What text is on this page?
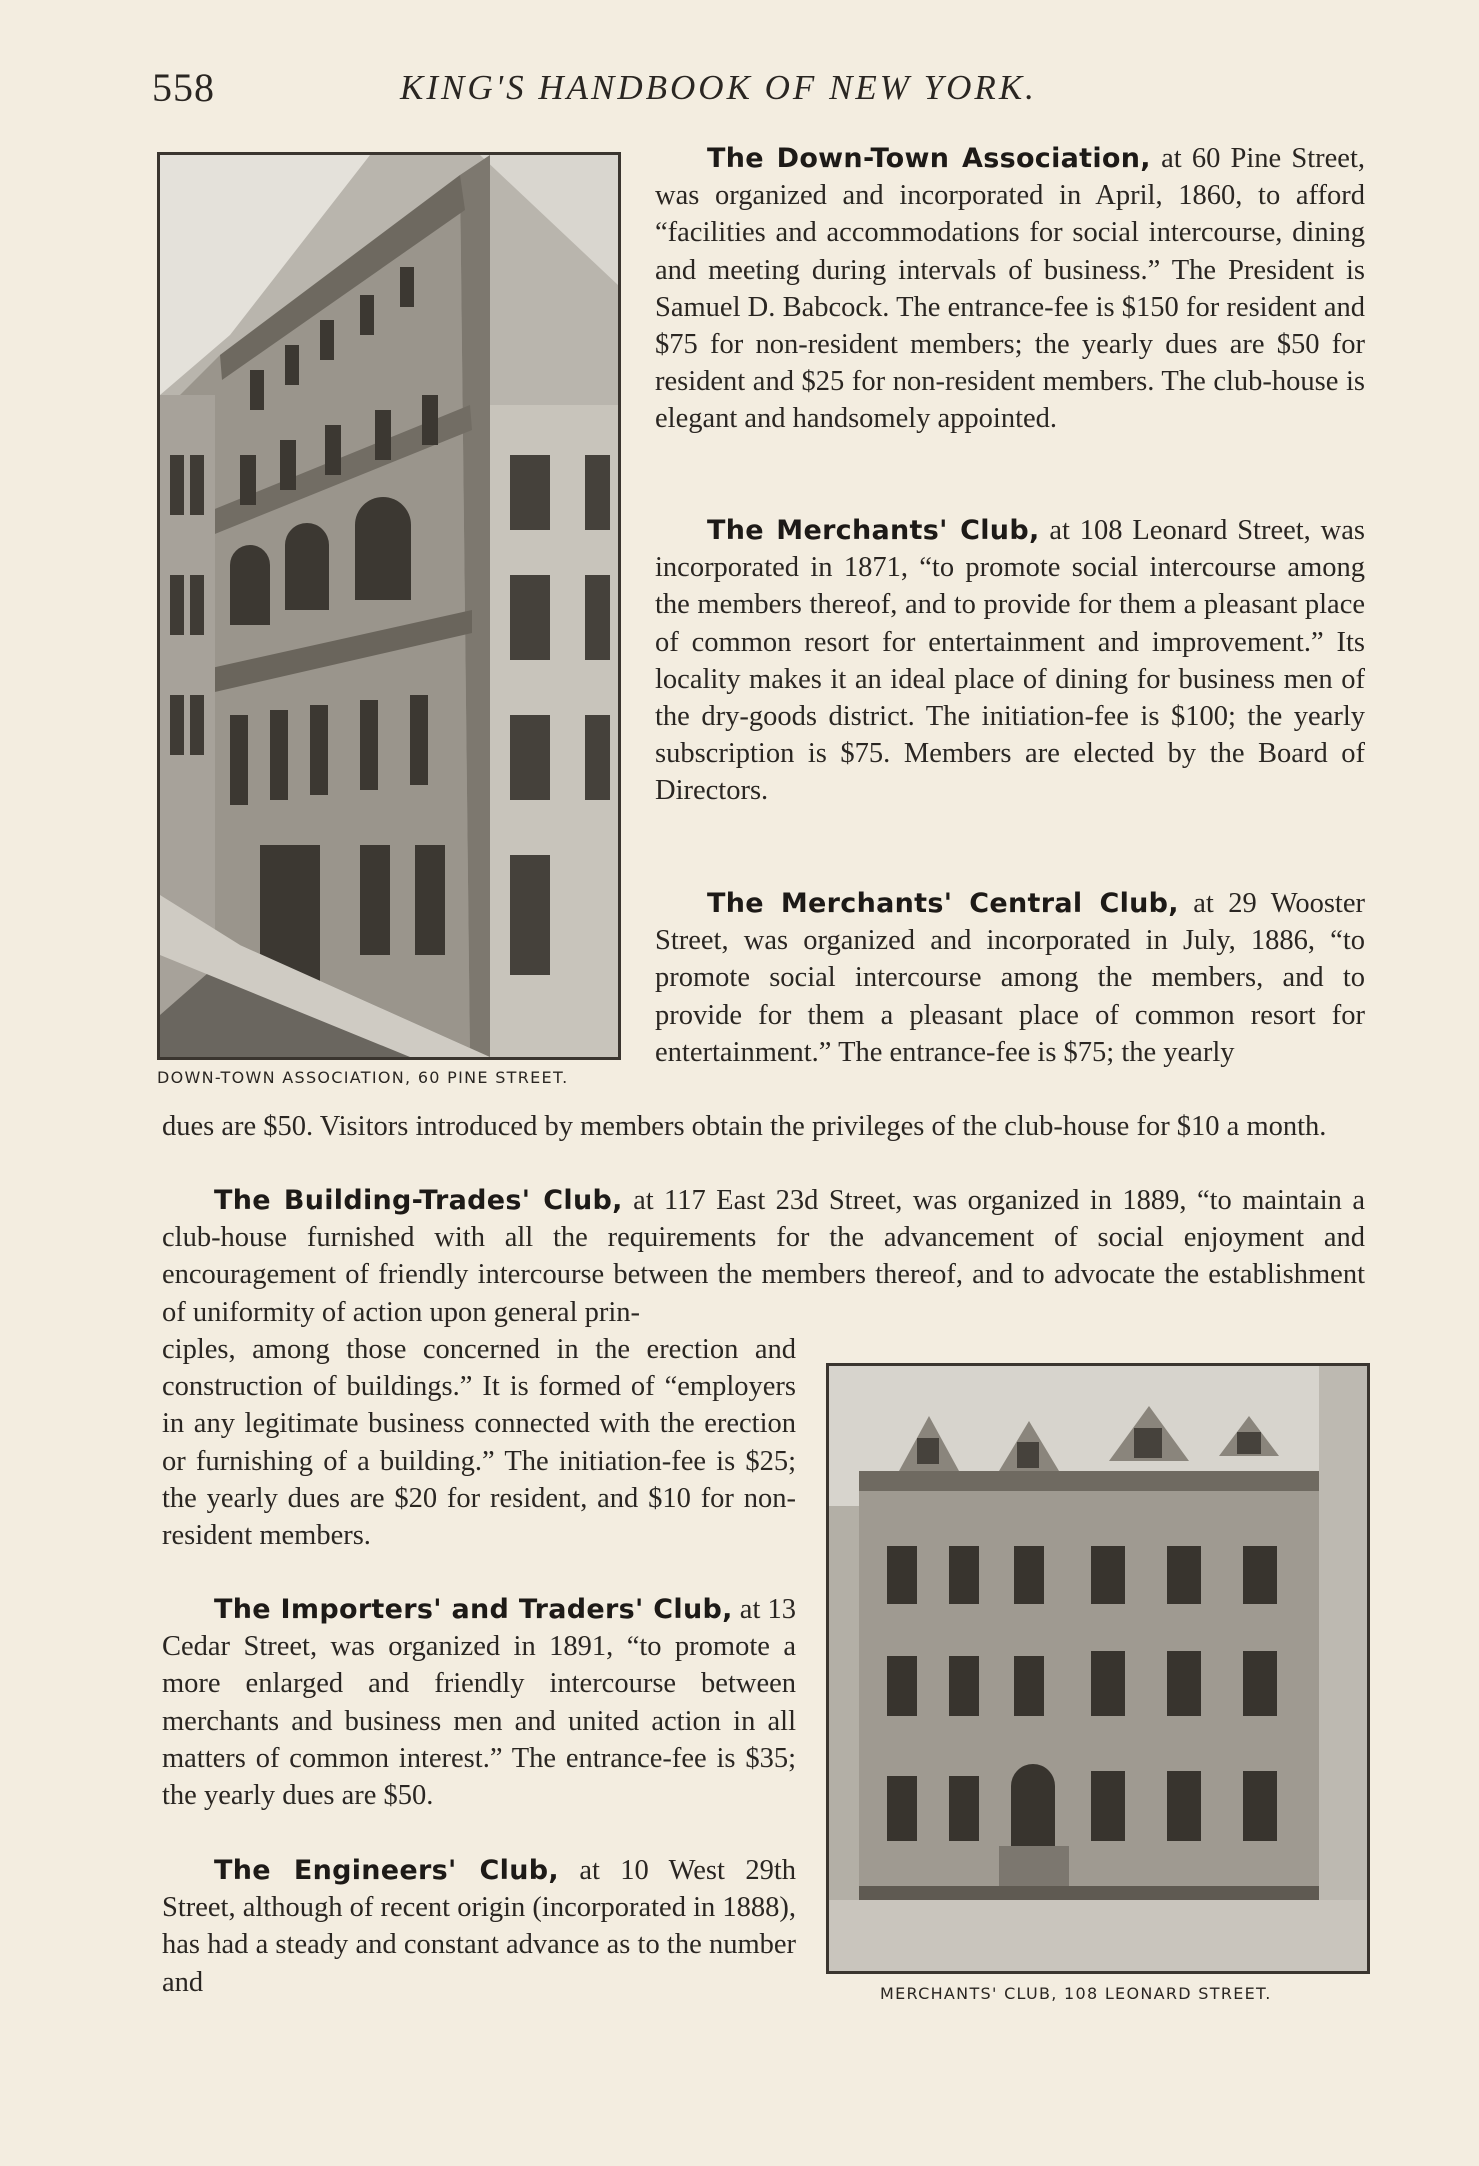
558	KING'S HANDBOOK OF NEW YORK.
DOWN-TOWN ASSOCIATION, 60 PINE STREET.
MERCHANTS' CLUB, 108 LEONARD STREET.

The Down-Town Association, at 60 Pine Street, was organized and incorporated in April, 1860, to afford “facilities and accommodations for social intercourse, dining and meeting during intervals of business.” The President is Samuel D. Babcock. The entrance-fee is $150 for resident and $75 for non-resident members; the yearly dues are $50 for resident and $25 for non-resident members. The club-house is elegant and handsomely appointed.

The Merchants' Club, at 108 Leonard Street, was incorporated in 1871, “to promote social intercourse among the members thereof, and to provide for them a pleasant place of common resort for entertainment and improvement.” Its locality makes it an ideal place of dining for business men of the dry-goods district. The initiation-fee is $100; the yearly subscription is $75. Members are elected by the Board of Directors.

The Merchants' Central Club, at 29 Wooster Street, was organized and incorporated in July, 1886, “to promote social intercourse among the members, and to provide for them a pleasant place of common resort for entertainment.” The entrance-fee is $75; the yearly

dues are $50. Visitors introduced by members obtain the privileges of the club-house for $10 a month.

The Building-Trades' Club, at 117 East 23d Street, was organized in 1889, “to maintain a club-house furnished with all the requirements for the advancement of social enjoyment and encouragement of friendly intercourse between the members thereof, and to advocate the establishment of uniformity of action upon general prin-

ciples, among those concerned in the erection and construction of buildings.” It is formed of “employers in any legitimate business connected with the erection or furnishing of a building.” The initiation-fee is $25; the yearly dues are $20 for resident, and $10 for non-resident members.

The Importers' and Traders' Club, at 13 Cedar Street, was organized in 1891, “to promote a more enlarged and friendly intercourse between merchants and business men and united action in all matters of common interest.” The entrance-fee is $35; the yearly dues are $50.

The Engineers' Club, at 10 West 29th Street, although of recent origin (incorporated in 1888), has had a steady and constant advance as to the number and
